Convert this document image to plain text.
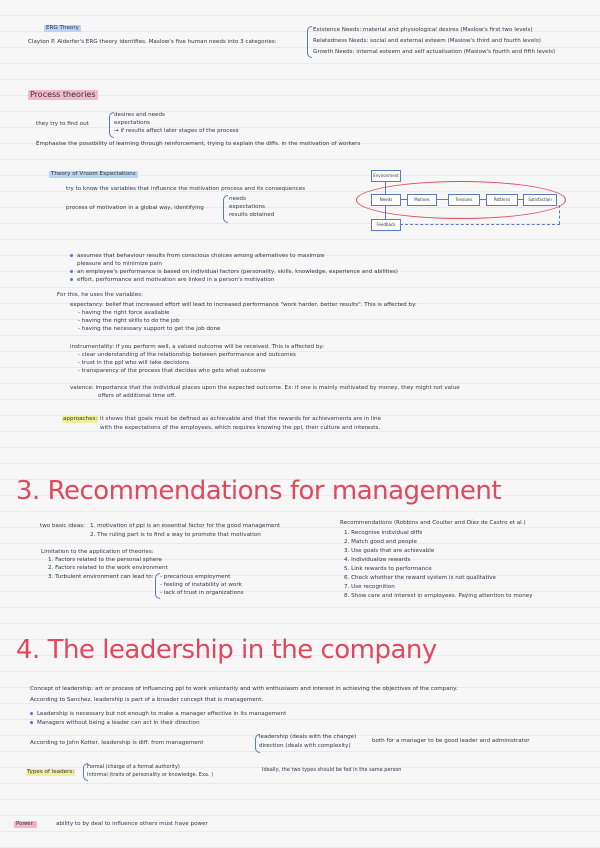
ERG Theory
Clayton P. Alderfer's ERG theory identifies. Maslow's five human needs into 3 categories:
Existence Needs: material and physiological desires (Maslow's first two levels)
Relatedness Needs: social and external esteem (Maslow's third and fourth levels)
Growth Needs: internal esteem and self actualisation (Maslow's fourth and fifth levels)
Process theories
they try to find out
desires and needs
expectations
→ if results affect later stages of the process
Emphasise the possibility of learning through reinforcement, trying to explain the diffs. in the motivation of workers
Theory of Vroom Expectations
try to know the variables that influence the motivation process and its consequences
process of motivation in a global way, identifying
needs
expectations
results obtained
Environment
Needs	Motives	Tensions	Patterns	Satisfaction
Feedback
assumes that behaviour results from conscious choices among alternatives to maximize
pleasure and to minimize pain
an employee's performance is based on individual factors (personality, skills, knowledge, experience and abilities)
effort, performance and motivation are linked in a person's motivation
For this, he uses the variables:
expectancy: belief that increased effort will lead to increased performance "work harder, better results". This is affected by:
- having the right force available
- having the right skills to do the job
- having the necessary support to get the job done
instrumentality: if you perform well, a valued outcome will be received. This is affected by:
- clear understanding of the relationship between performance and outcomes
- trust in the ppl who will take decisions
- transparency of the process that decides who gets what outcome
valence: importance that the individual places upon the expected outcome. Ex: if one is mainly motivated by money, they might not value
offers of additional time off.
approaches: it shows that goals must be defined as achievable and that the rewards for achievements are in line
with the expectations of the employees, which requires knowing the ppl, their culture and interests.
3. Recommendations for management
two basic ideas: 1. motivation of ppl is an essential factor for the good management
2. The ruling part is to find a way to promote that motivation
Limitation to the application of theories:
1. Factors related to the personal sphere
2. Factors related to the work environment
3. Turbulent environment can lead to: - precarious employment
- feeling of instability at work
- lack of trust in organizations
Recommendations (Robbins and Coulter and Díez de Castro et al.)
1. Recognise individual diffs
2. Match good and people
3. Use goals that are achievable
4. Individualize rewards
5. Link rewards to performance
6. Check whether the reward system is not qualitative
7. Use recognition
8. Show care and interest in employees. Paying attention to money
4. The leadership in the company
Concept of leadership: art or process of influencing ppl to work voluntarily and with enthusiasm and interest in achieving the objectives of the company.
According to Sanchez, leadership is part of a broader concept that is management.
Leadership is necessary but not enough to make a manager effective in its management
Managers without being a leader can act in their direction
According to John Kotter, leadership is diff. from management
leadership (deals with the change)
direction (deals with complexity)
both for a manager to be good leader and administrator
Types of leaders:
Formal (charge of a formal authority)
Informal (traits of personality or knowledge. Exa. )
Ideally, the two types should be fed in the same person
Power:	ability to by deal to influence others must have power
